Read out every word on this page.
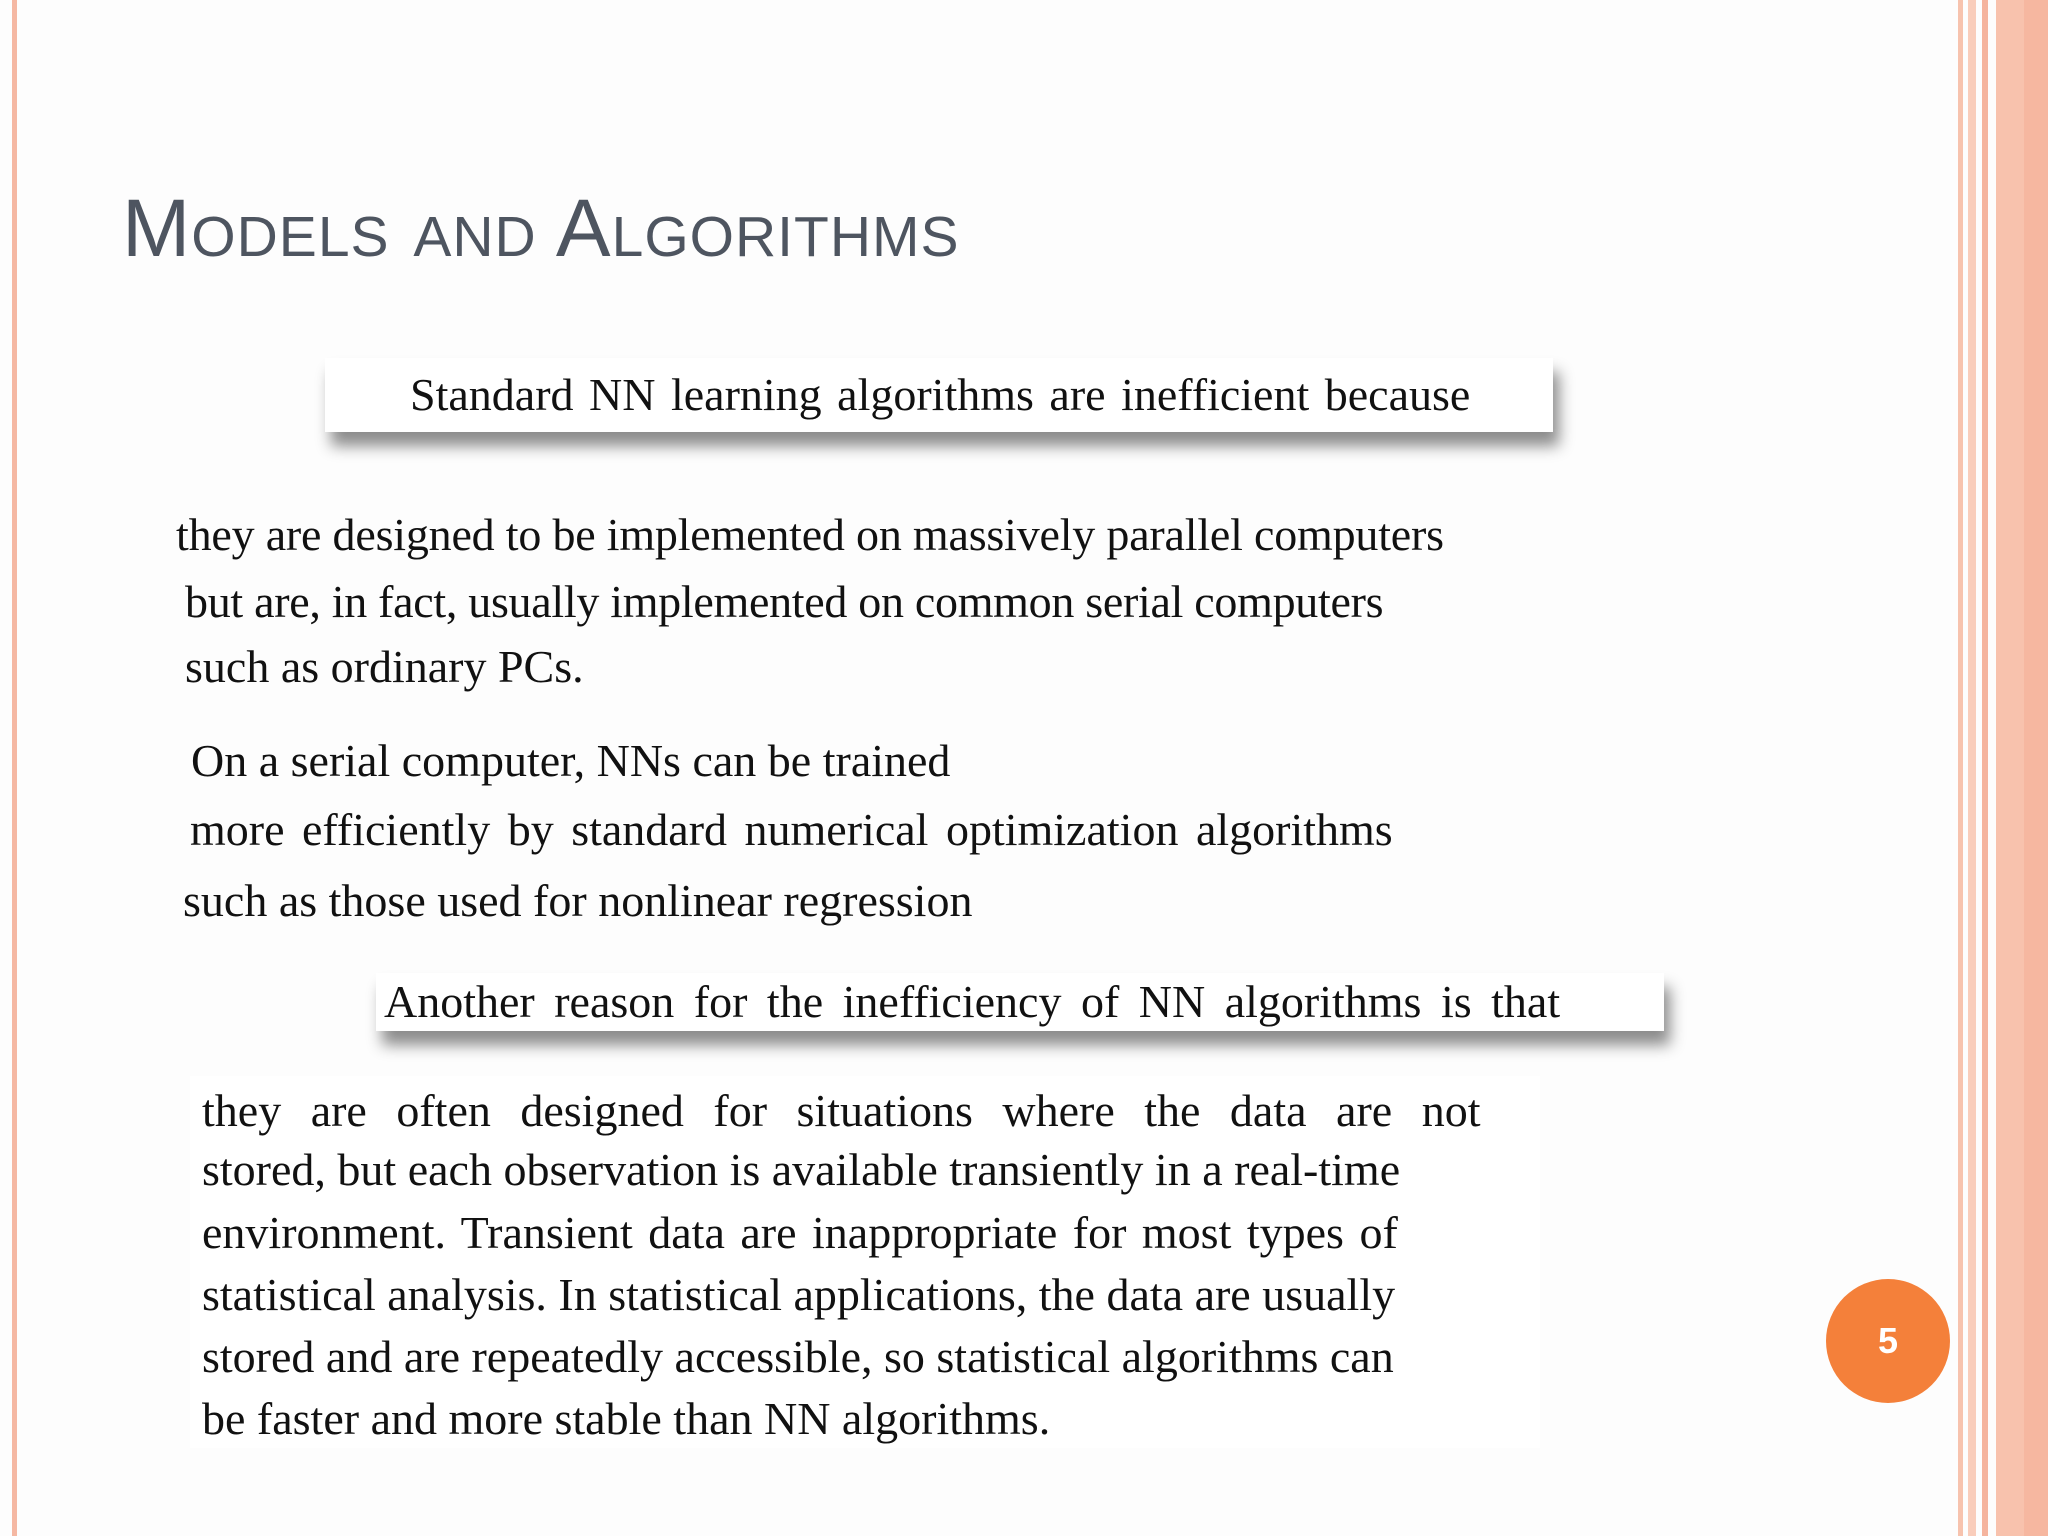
Models and Algorithms
Standard NN learning algorithms are inefficient because
they are designed to be implemented on massively parallel computers
but are, in fact, usually implemented on common serial computers
such as ordinary PCs.
On a serial computer, NNs can be trained
more efficiently by standard numerical optimization algorithms
such as those used for nonlinear regression
Another reason for the inefficiency of NN algorithms is that
they are often designed for situations where the data are not
stored, but each observation is available transiently in a real-time
environment. Transient data are inappropriate for most types of
statistical analysis. In statistical applications, the data are usually
stored and are repeatedly accessible, so statistical algorithms can
be faster and more stable than NN algorithms.
5
